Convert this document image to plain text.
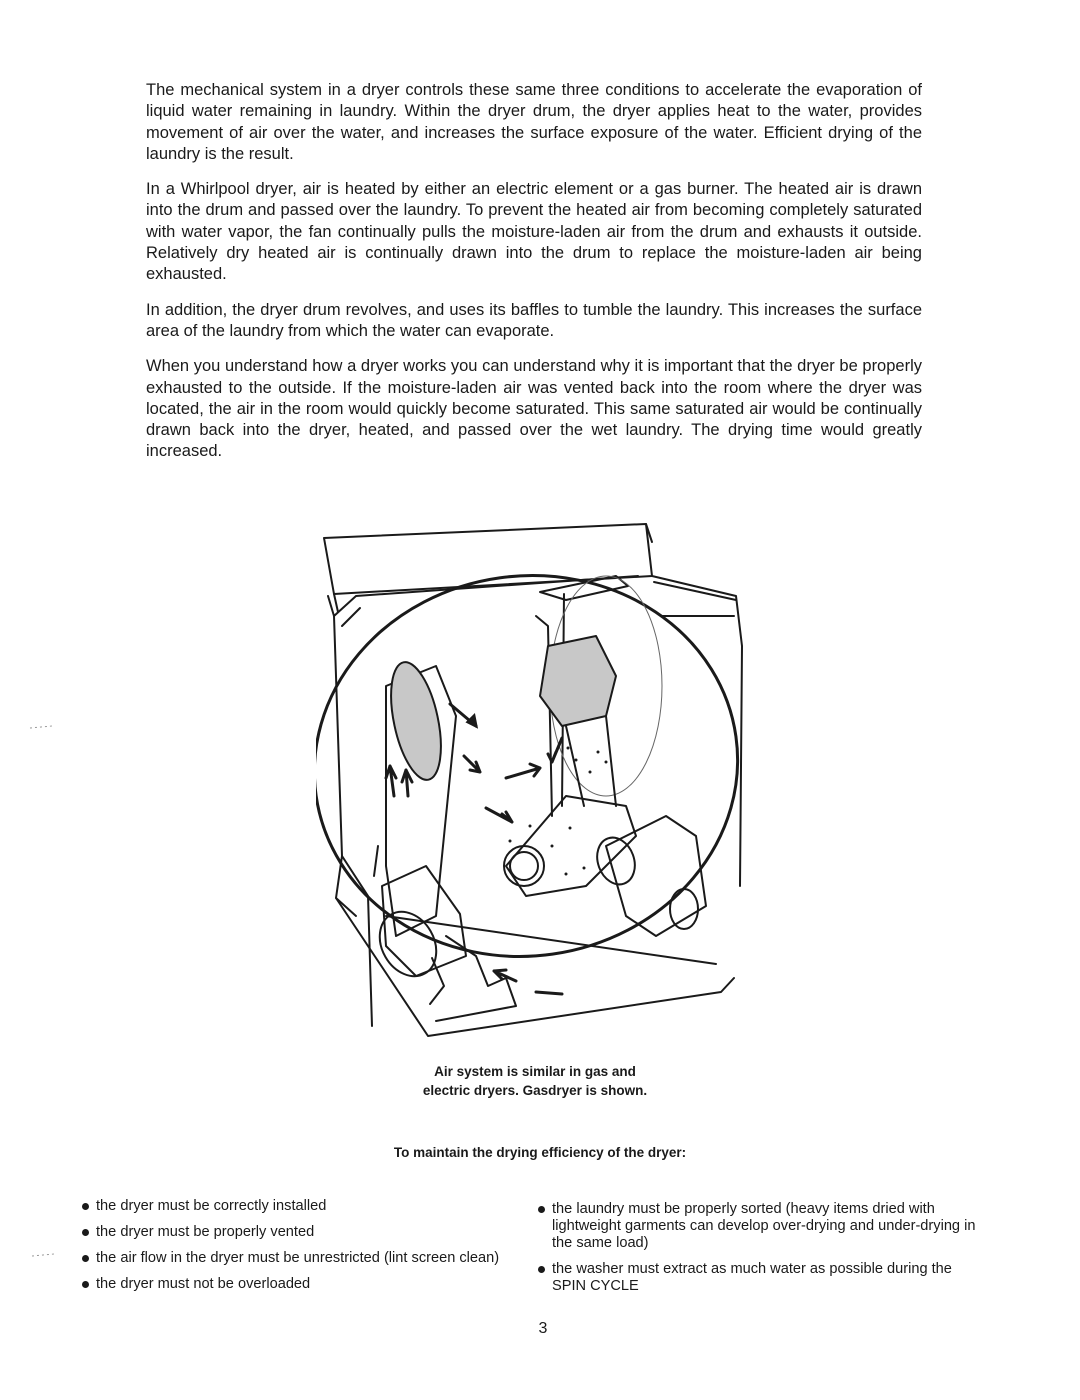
The mechanical system in a dryer controls these same three conditions to accelerate the evaporation of liquid water remaining in laundry. Within the dryer drum, the dryer applies heat to the water, provides movement of air over the water, and increases the surface exposure of the water. Efficient drying of the laundry is the result.

In a Whirlpool dryer, air is heated by either an electric element or a gas burner. The heated air is drawn into the drum and passed over the laundry. To prevent the heated air from becoming completely saturated with water vapor, the fan continually pulls the moisture-laden air from the drum and exhausts it outside. Relatively dry heated air is continually drawn into the drum to replace the moisture-laden air being exhausted.

In addition, the dryer drum revolves, and uses its baffles to tumble the laundry. This increases the surface area of the laundry from which the water can evaporate.

When you understand how a dryer works you can understand why it is important that the dryer be properly exhausted to the outside. If the moisture-laden air was vented back into the room where the dryer was located, the air in the room would quickly become saturated. This same saturated air would be continually drawn back into the dryer, heated, and passed over the wet laundry. The drying time would greatly increased.

Air system is similar in gas and
electric dryers. Gasdryer is shown.
To maintain the drying efficiency of the dryer:
the dryer must be correctly installed
the dryer must be properly vented
the air flow in the dryer must be unrestricted (lint screen clean)
the dryer must not be overloaded
the laundry must be properly sorted (heavy items dried with lightweight garments can develop over-drying and under-drying in the same load)
the washer must extract as much water as possible during the SPIN CYCLE
3
